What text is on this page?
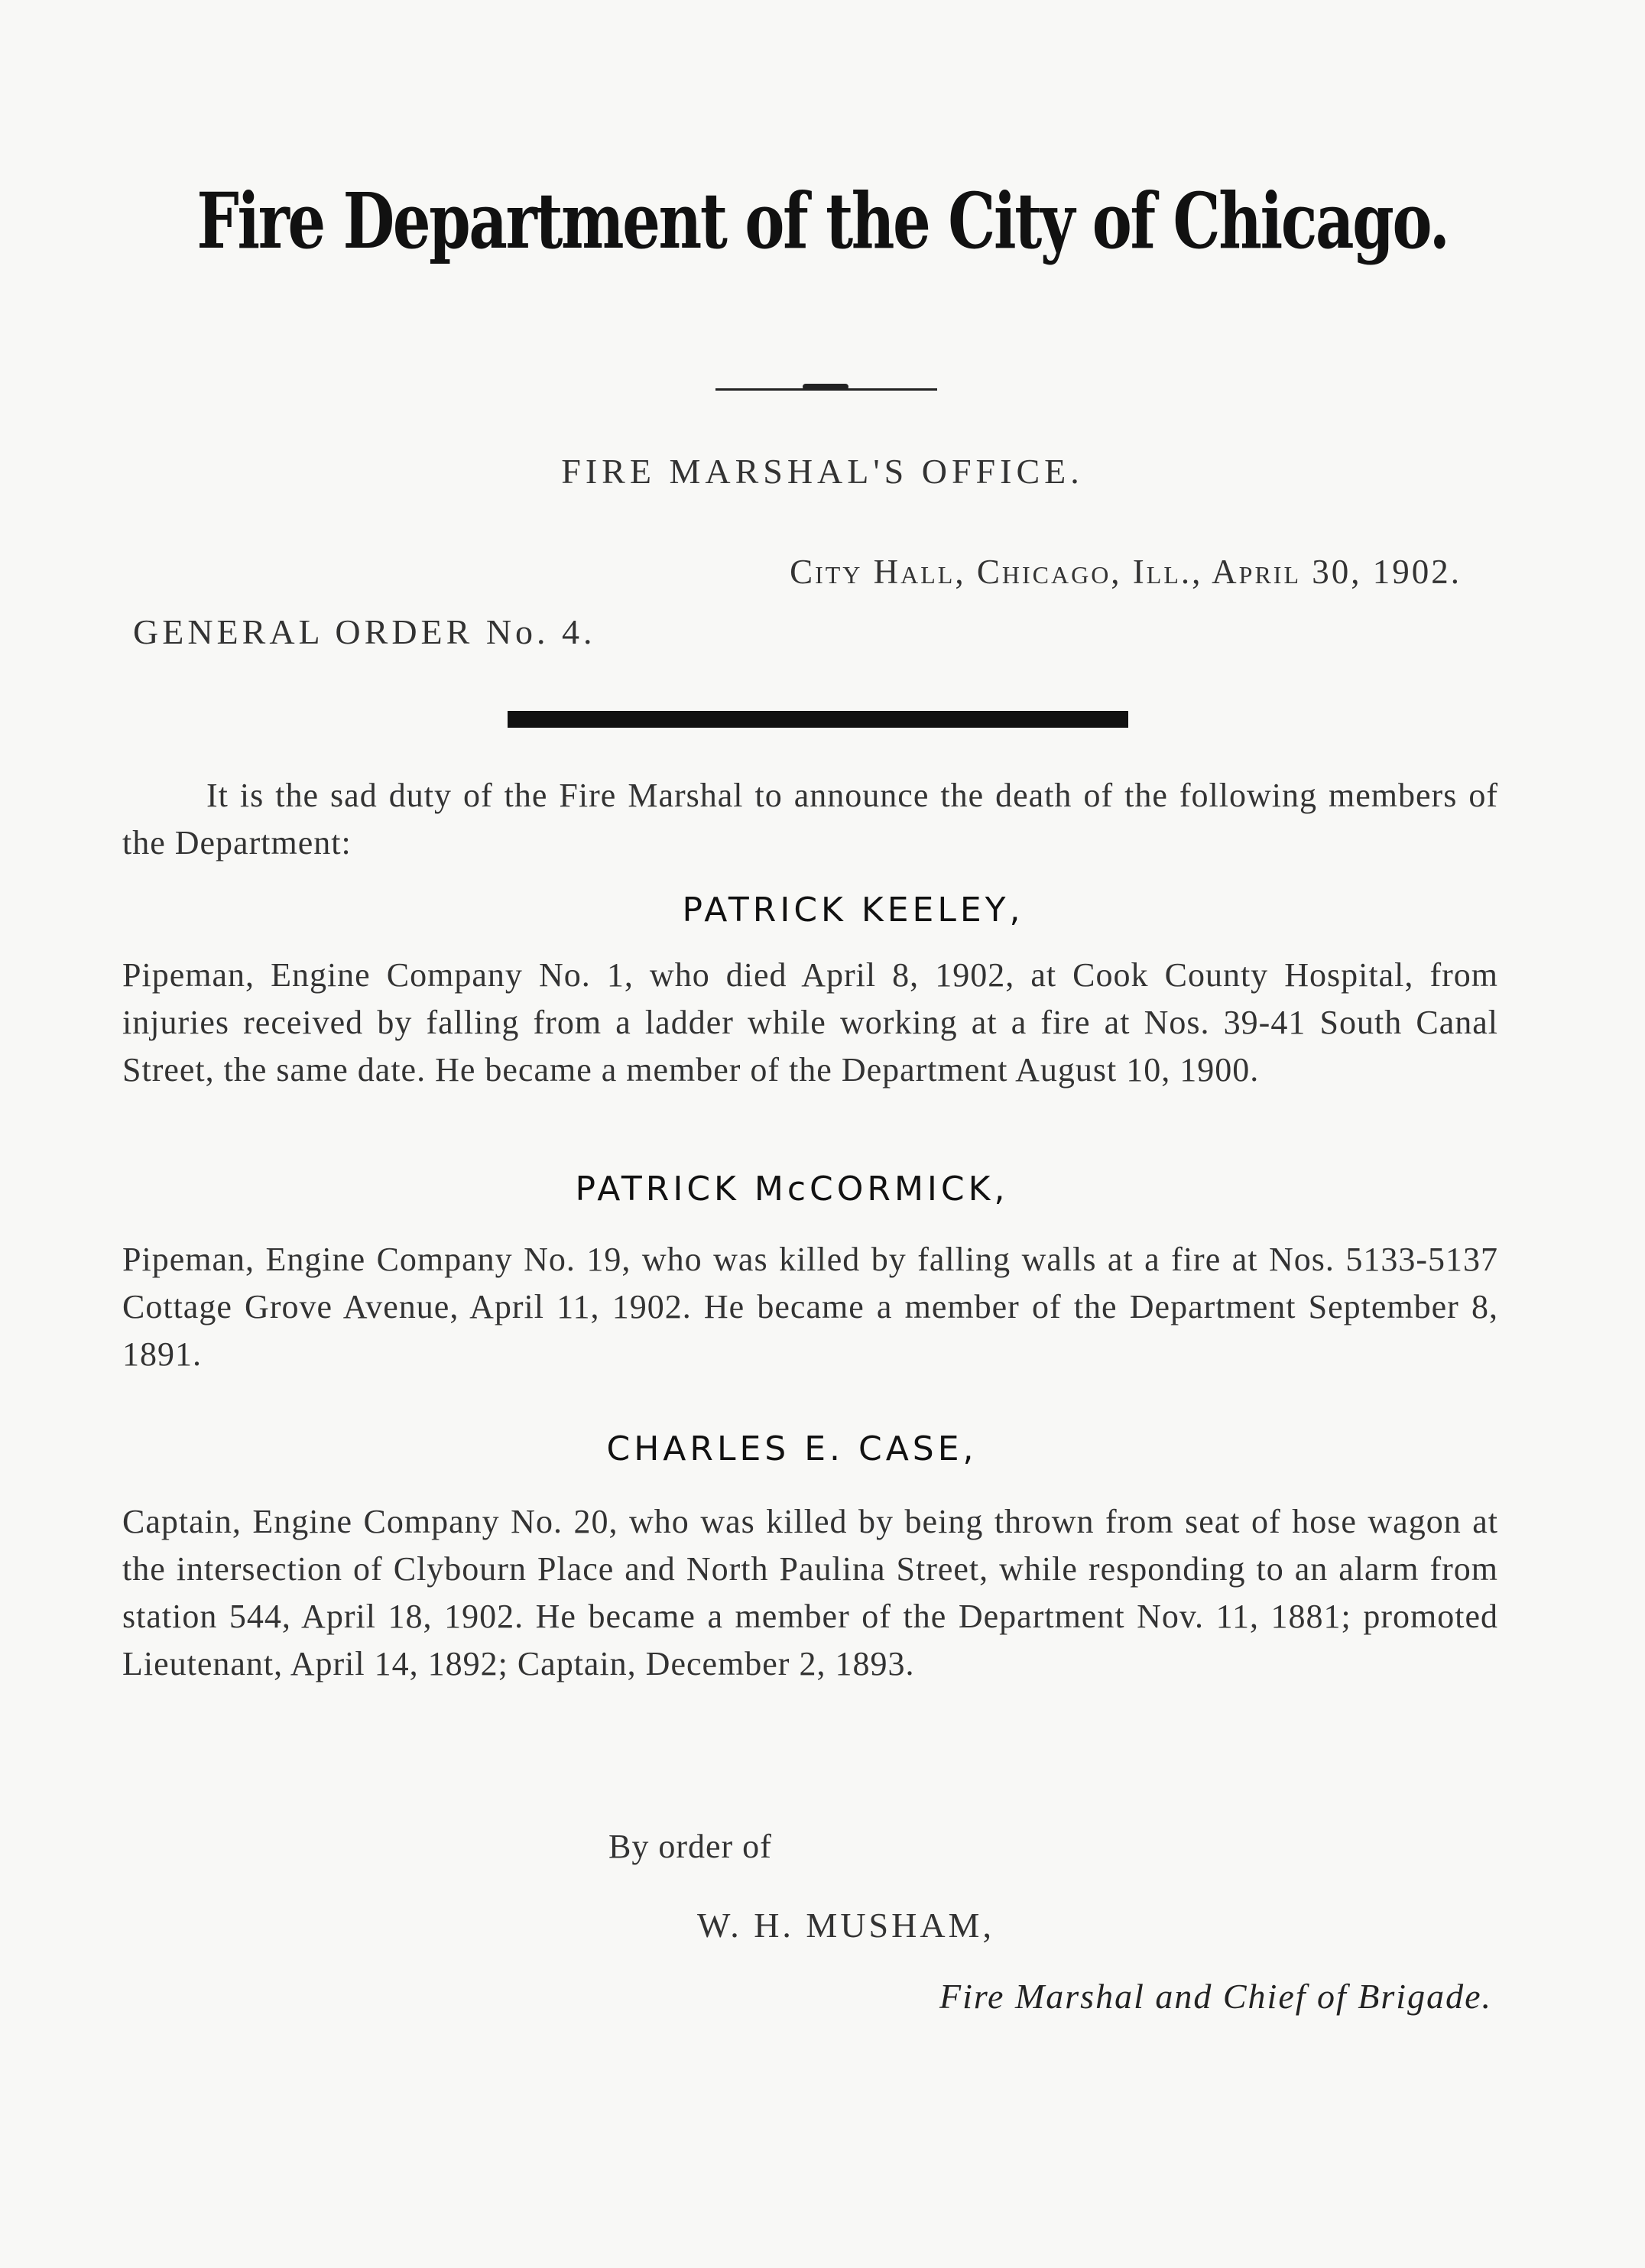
Fire Department of the City of Chicago.
FIRE MARSHAL'S OFFICE.
City Hall, Chicago, Ill., April 30, 1902.
GENERAL ORDER No. 4.
It is the sad duty of the Fire Marshal to announce the death of the following members of the Department:
PATRICK KEELEY,
Pipeman, Engine Company No. 1, who died April 8, 1902, at Cook County Hospital, from injuries received by falling from a ladder while working at a fire at Nos. 39-41 South Canal Street, the same date. He became a member of the Department August 10, 1900.
PATRICK McCORMICK,
Pipeman, Engine Company No. 19, who was killed by falling walls at a fire at Nos. 5133-5137 Cottage Grove Avenue, April 11, 1902. He became a member of the Department September 8, 1891.
CHARLES E. CASE,
Captain, Engine Company No. 20, who was killed by being thrown from seat of hose wagon at the intersection of Clybourn Place and North Paulina Street, while responding to an alarm from station 544, April 18, 1902. He became a member of the Department Nov. 11, 1881; promoted Lieutenant, April 14, 1892; Captain, December 2, 1893.
By order of
W. H. MUSHAM,
Fire Marshal and Chief of Brigade.
